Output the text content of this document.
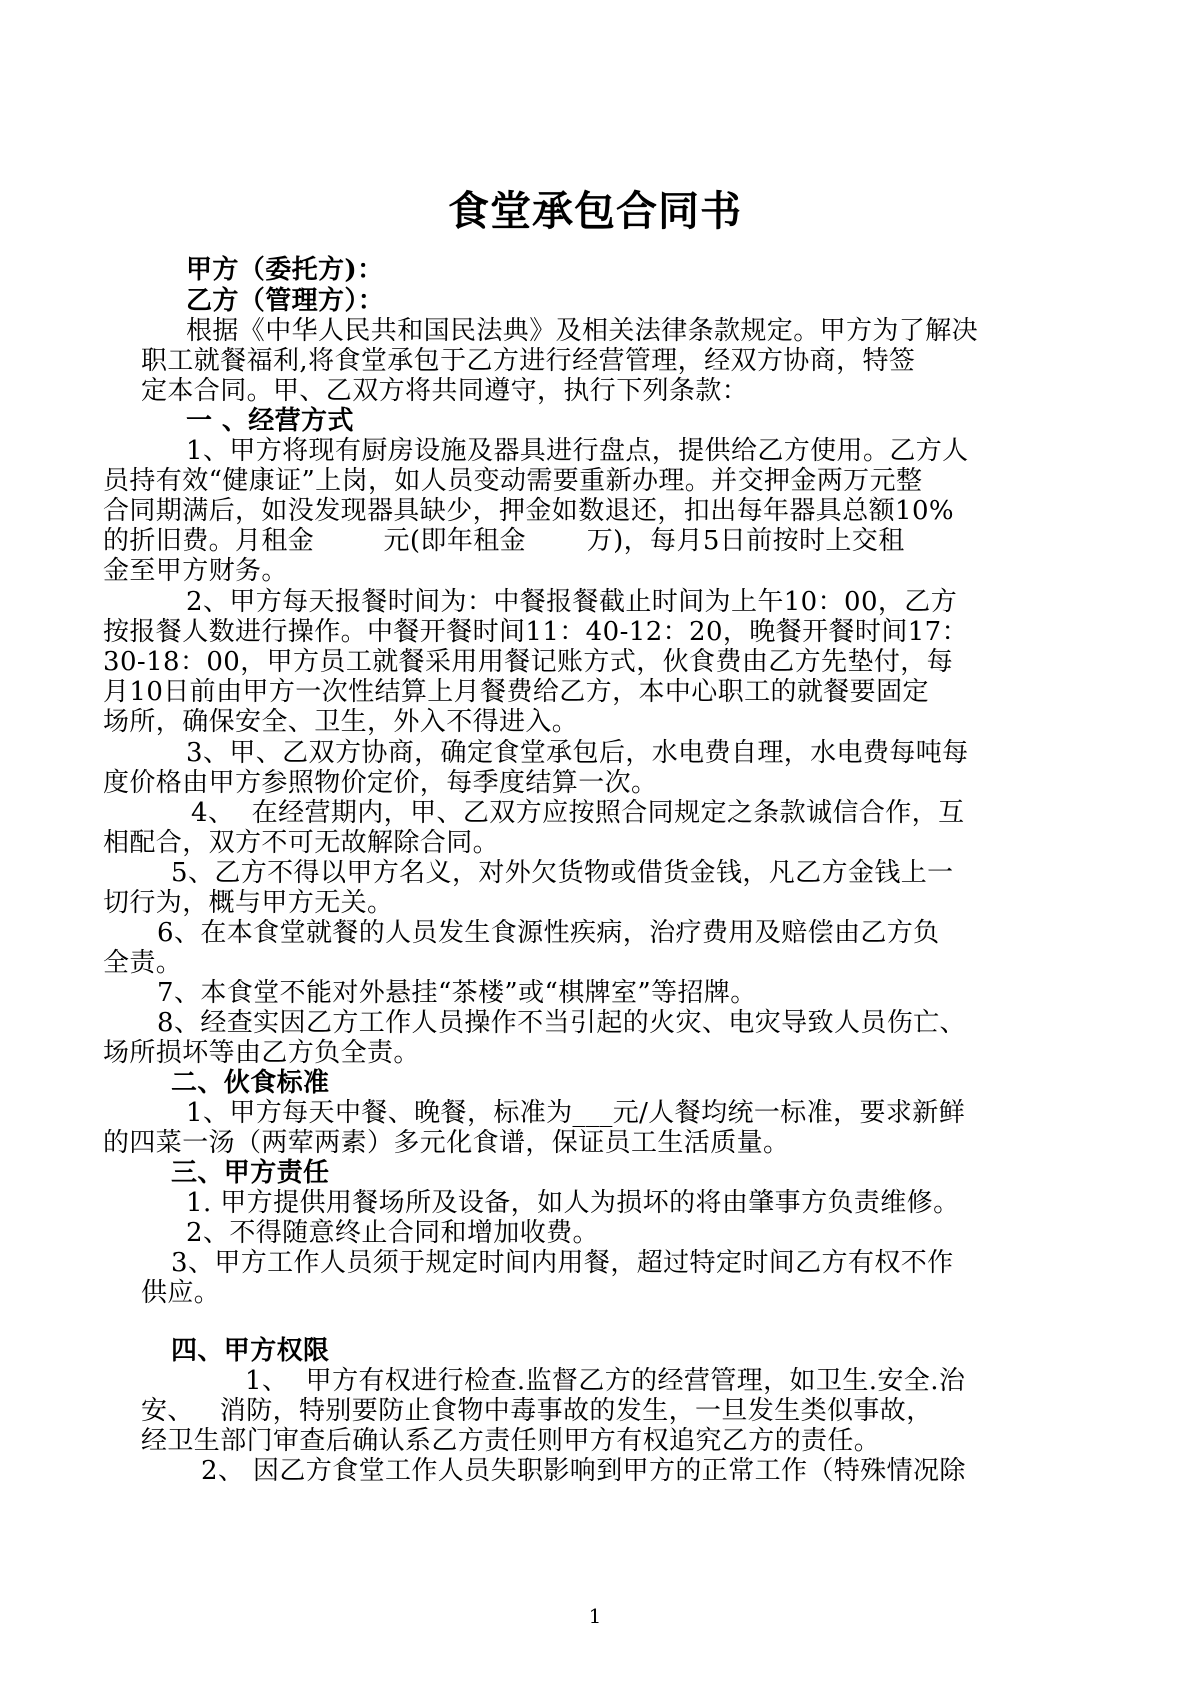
食堂承包合同书
甲方（委托方)：
乙方（管理方）：
根据《中华人民共和国民法典》及相关法律条款规定。甲方为了解决
职工就餐福利,将食堂承包于乙方进行经营管理，经双方协商，特签
定本合同。甲、乙双方将共同遵守，执行下列条款：
一 、经营方式
1、甲方将现有厨房设施及器具进行盘点，提供给乙方使用。乙方人
员持有效“健康证”上岗，如人员变动需要重新办理。并交押金两万元整
合同期满后，如没发现器具缺少，押金如数退还，扣出每年器具总额10%
的折旧费。月租金        元(即年租金       万)，每月5日前按时上交租
金至甲方财务。
2、甲方每天报餐时间为：中餐报餐截止时间为上午10：00，乙方
按报餐人数进行操作。中餐开餐时间11：40-12：20，晚餐开餐时间17：
30-18：00，甲方员工就餐采用用餐记账方式，伙食费由乙方先垫付，每
月10日前由甲方一次性结算上月餐费给乙方，本中心职工的就餐要固定
场所，确保安全、卫生，外入不得进入。
3、甲、乙双方协商，确定食堂承包后，水电费自理，水电费每吨每
度价格由甲方参照物价定价，每季度结算一次。
4、  在经营期内，甲、乙双方应按照合同规定之条款诚信合作，互
相配合，双方不可无故解除合同。
5、乙方不得以甲方名义，对外欠货物或借货金钱，凡乙方金钱上一
切行为，概与甲方无关。
6、在本食堂就餐的人员发生食源性疾病，治疗费用及赔偿由乙方负
全责。
7、本食堂不能对外悬挂“茶楼”或“棋牌室”等招牌。
8、经查实因乙方工作人员操作不当引起的火灾、电灾导致人员伤亡、
场所损坏等由乙方负全责。
二、伙食标准
1、甲方每天中餐、晚餐，标准为___元/人餐均统一标准，要求新鲜
的四菜一汤（两荤两素）多元化食谱，保证员工生活质量。
三、甲方责任
1. 甲方提供用餐场所及设备，如人为损坏的将由肇事方负责维修。
2、不得随意终止合同和增加收费。
3、甲方工作人员须于规定时间内用餐，超过特定时间乙方有权不作
供应。
四、甲方权限
1、  甲方有权进行检查.监督乙方的经营管理，如卫生.安全.治
安、   消防，特别要防止食物中毒事故的发生，一旦发生类似事故，
经卫生部门审查后确认系乙方责任则甲方有权追究乙方的责任。
2、 因乙方食堂工作人员失职影响到甲方的正常工作（特殊情况除
1
